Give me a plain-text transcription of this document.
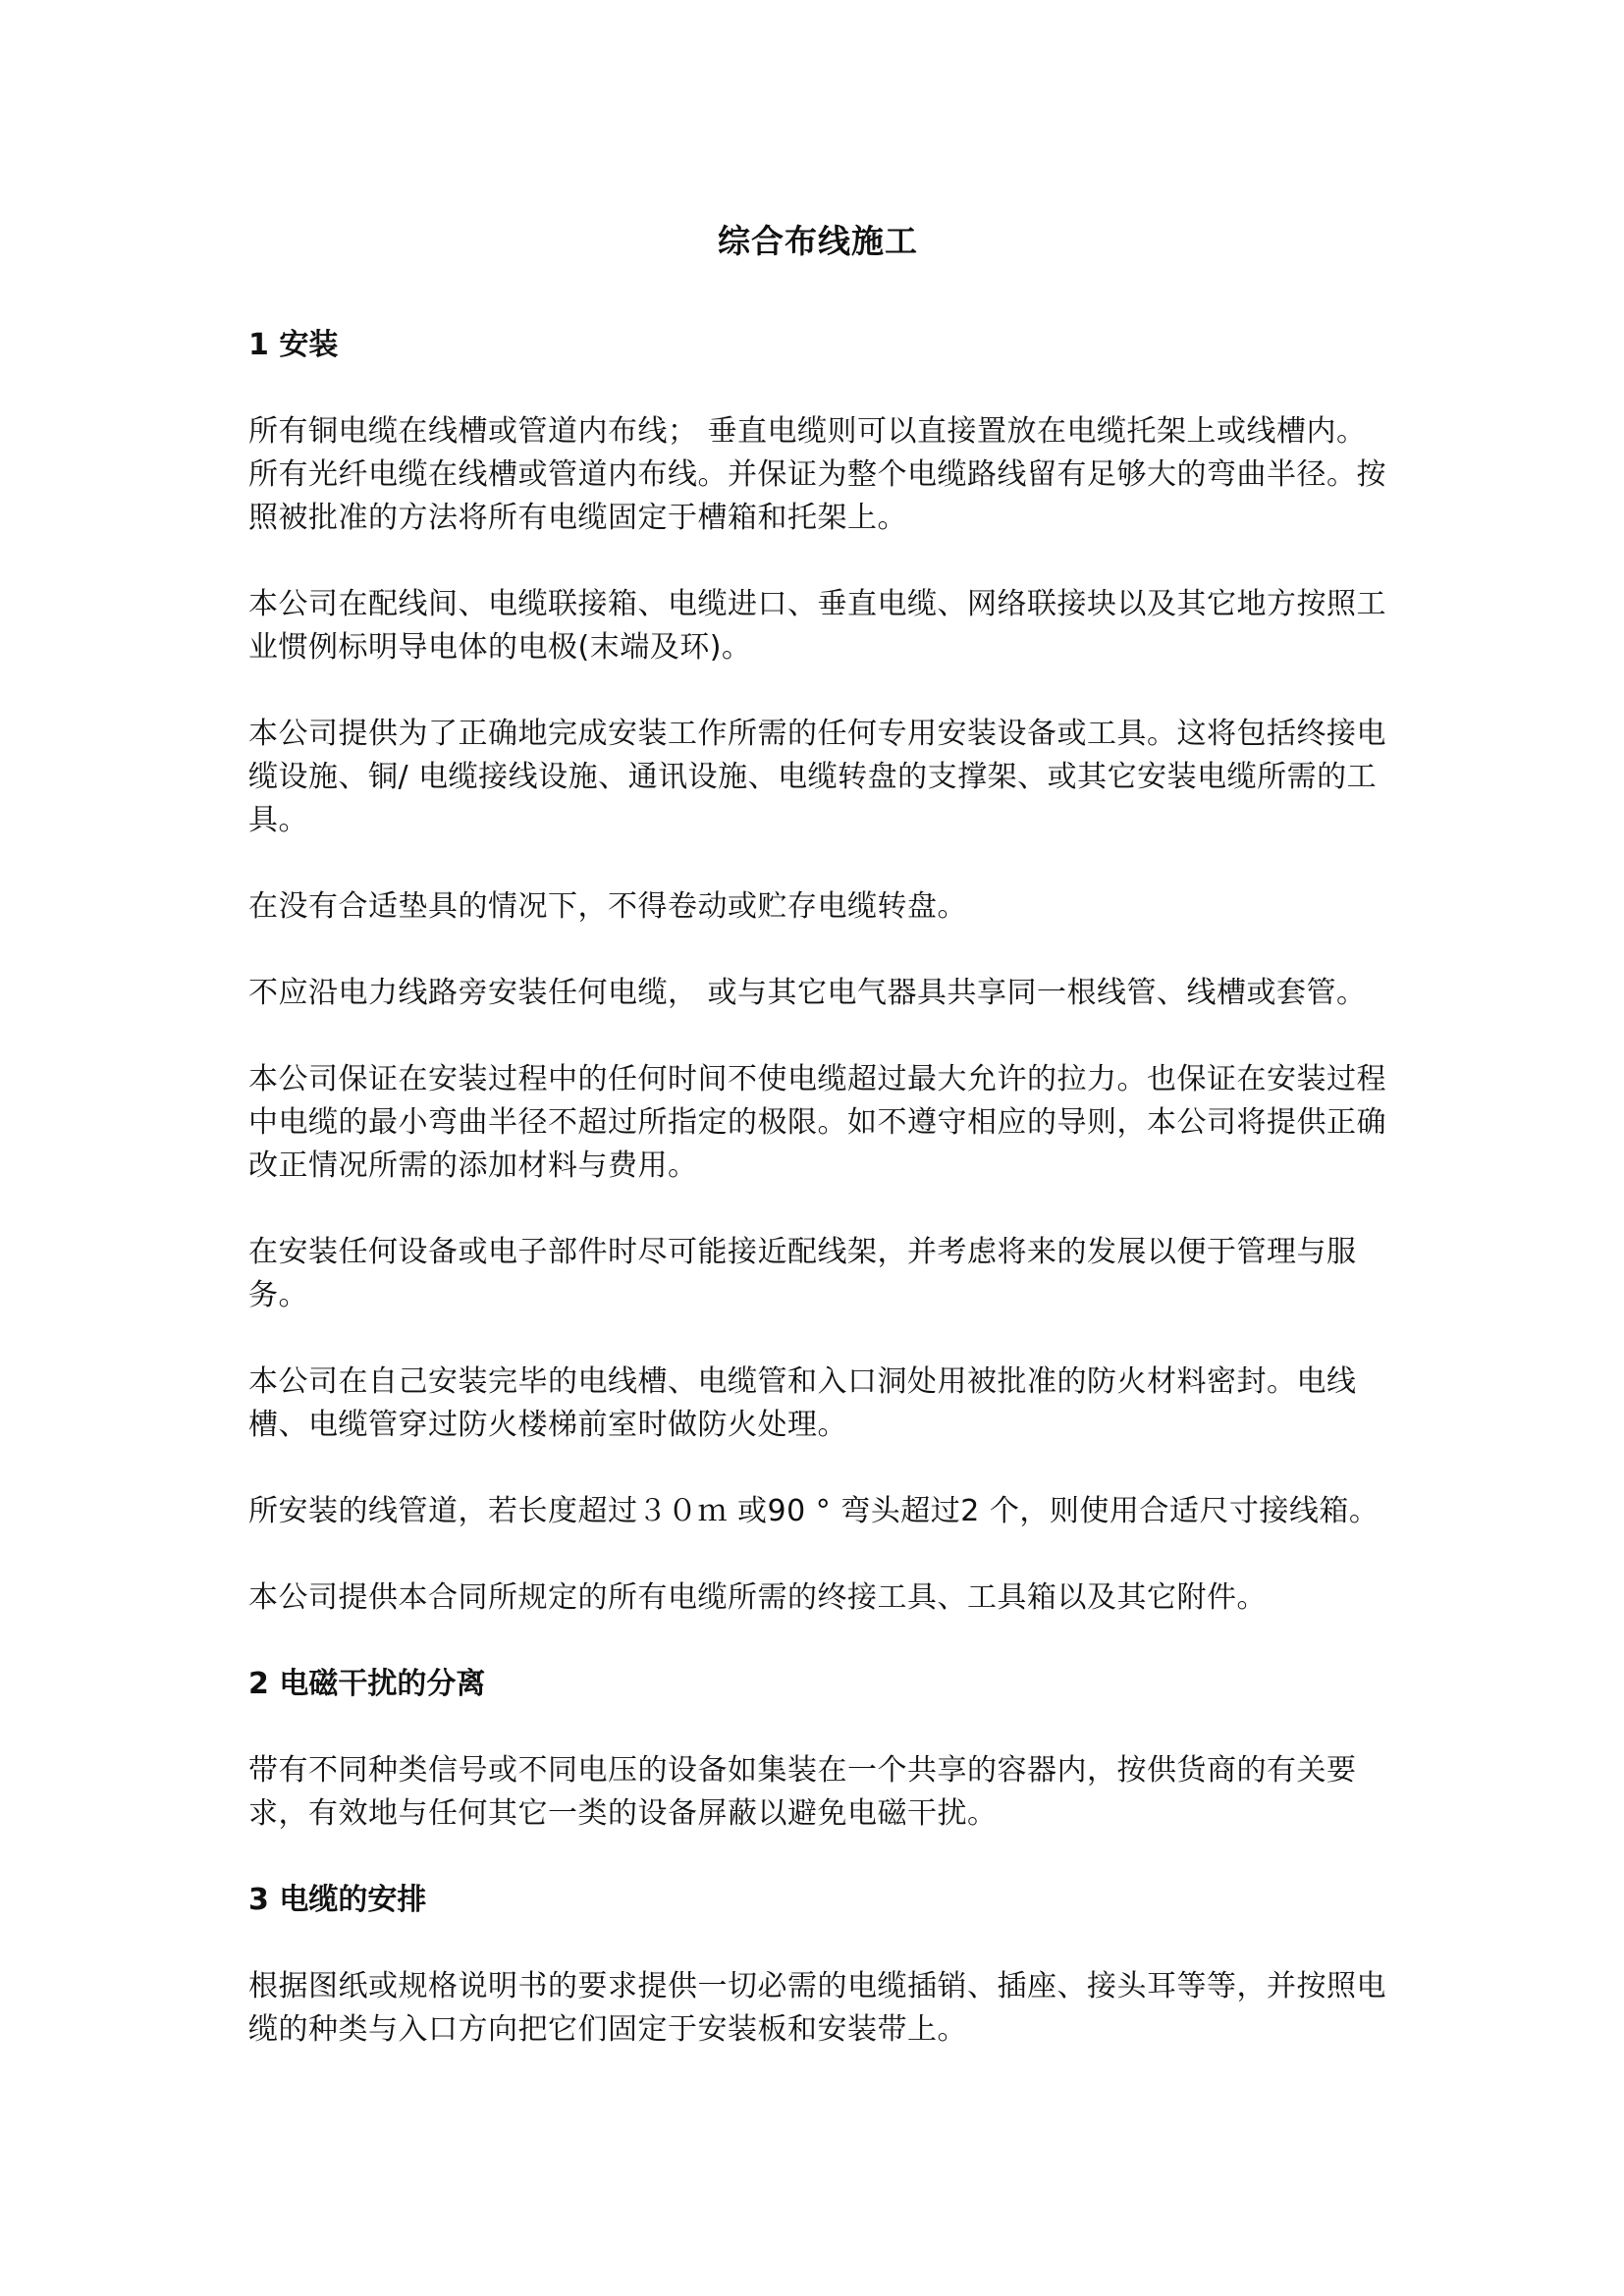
综合布线施工
1 安装
所有铜电缆在线槽或管道内布线； 垂直电缆则可以直接置放在电缆托架上或线槽内。所有光纤电缆在线槽或管道内布线。并保证为整个电缆路线留有足够大的弯曲半径。按照被批准的方法将所有电缆固定于槽箱和托架上。
本公司在配线间、电缆联接箱、电缆进口、垂直电缆、网络联接块以及其它地方按照工业惯例标明导电体的电极(末端及环)。
本公司提供为了正确地完成安装工作所需的任何专用安装设备或工具。这将包括终接电缆设施、铜/ 电缆接线设施、通讯设施、电缆转盘的支撑架、或其它安装电缆所需的工具。
在没有合适垫具的情况下，不得卷动或贮存电缆转盘。
不应沿电力线路旁安装任何电缆， 或与其它电气器具共享同一根线管、线槽或套管。
本公司保证在安装过程中的任何时间不使电缆超过最大允许的拉力。也保证在安装过程中电缆的最小弯曲半径不超过所指定的极限。如不遵守相应的导则，本公司将提供正确改正情况所需的添加材料与费用。
在安装任何设备或电子部件时尽可能接近配线架，并考虑将来的发展以便于管理与服务。
本公司在自己安装完毕的电线槽、电缆管和入口洞处用被批准的防火材料密封。电线槽、电缆管穿过防火楼梯前室时做防火处理。
所安装的线管道，若长度超过３０ｍ 或90 ° 弯头超过2 个，则使用合适尺寸接线箱。
本公司提供本合同所规定的所有电缆所需的终接工具、工具箱以及其它附件。
2 电磁干扰的分离
带有不同种类信号或不同电压的设备如集装在一个共享的容器内，按供货商的有关要求，有效地与任何其它一类的设备屏蔽以避免电磁干扰。
3 电缆的安排
根据图纸或规格说明书的要求提供一切必需的电缆插销、插座、接头耳等等，并按照电缆的种类与入口方向把它们固定于安装板和安装带上。
